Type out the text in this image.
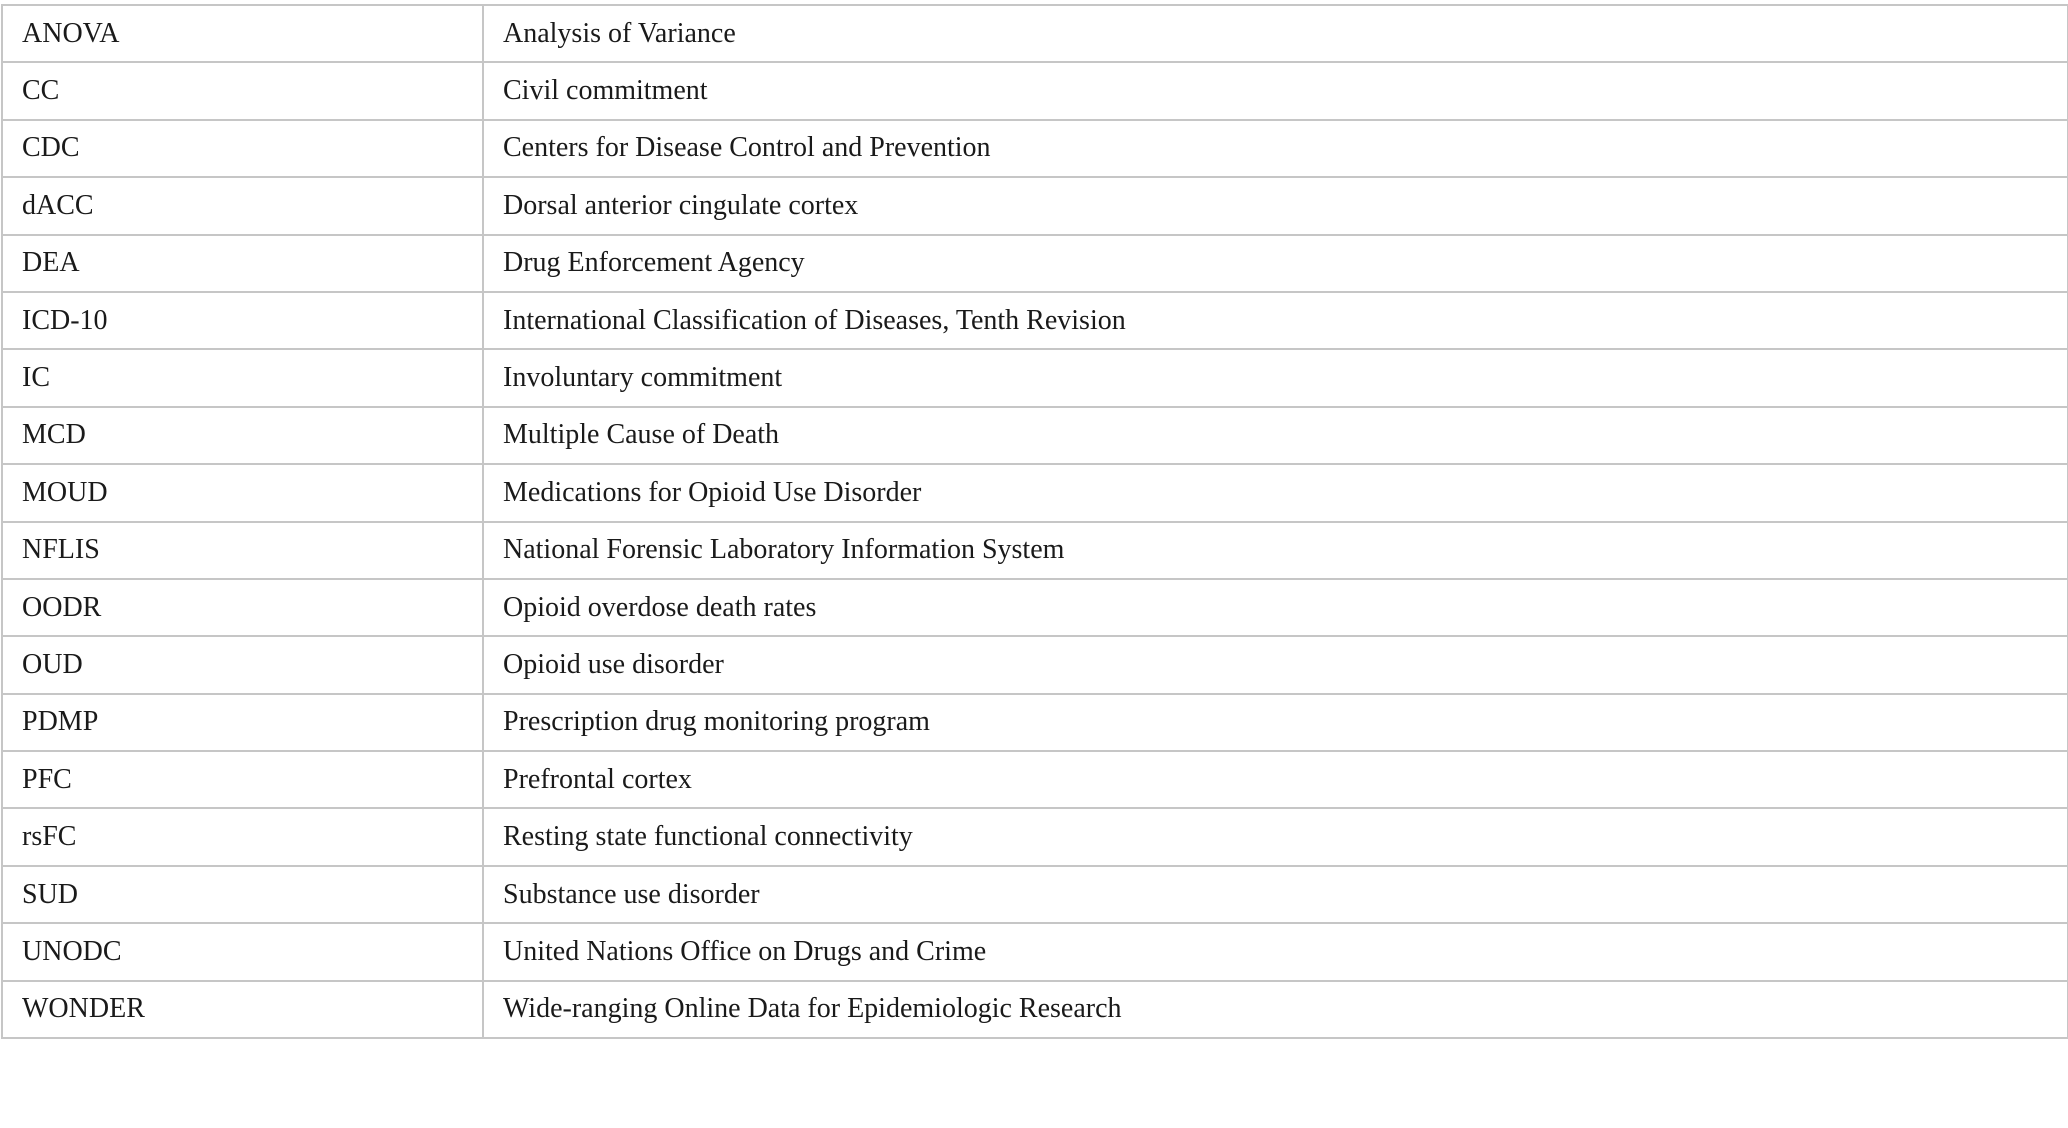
ANOVA	Analysis of Variance
CC	Civil commitment
CDC	Centers for Disease Control and Prevention
dACC	Dorsal anterior cingulate cortex
DEA	Drug Enforcement Agency
ICD-10	International Classification of Diseases, Tenth Revision
IC	Involuntary commitment
MCD	Multiple Cause of Death
MOUD	Medications for Opioid Use Disorder
NFLIS	National Forensic Laboratory Information System
OODR	Opioid overdose death rates
OUD	Opioid use disorder
PDMP	Prescription drug monitoring program
PFC	Prefrontal cortex
rsFC	Resting state functional connectivity
SUD	Substance use disorder
UNODC	United Nations Office on Drugs and Crime
WONDER	Wide-ranging Online Data for Epidemiologic Research
